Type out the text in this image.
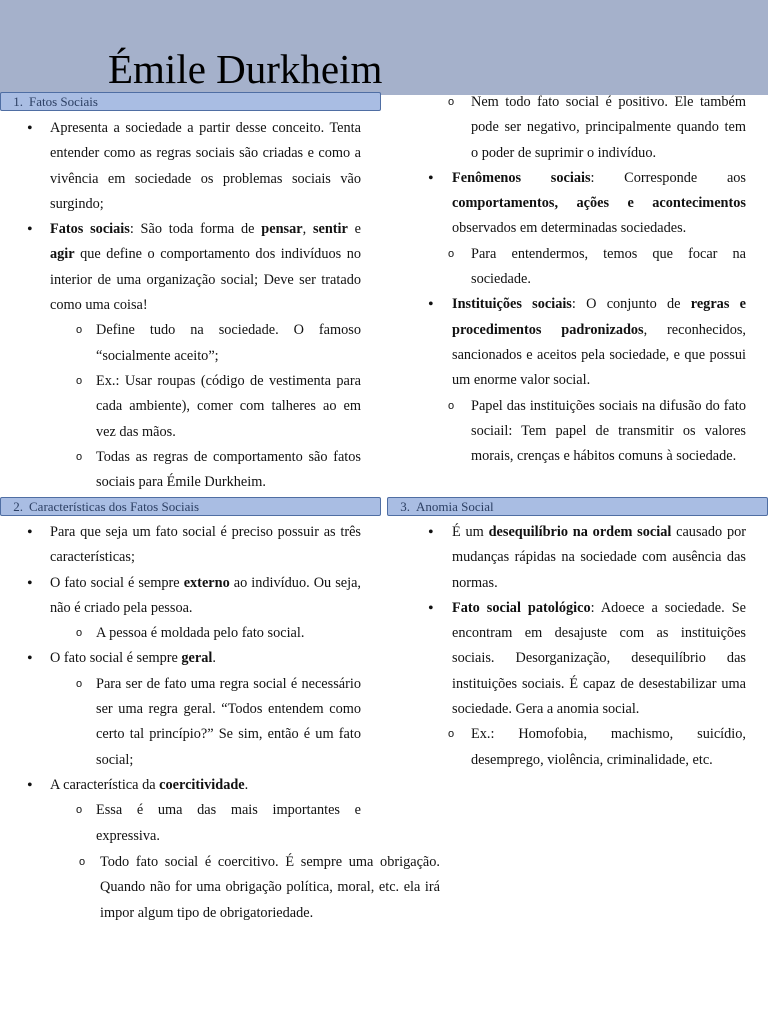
Émile Durkheim
1. Fatos Sociais
• Apresenta a sociedade a partir desse conceito. Tenta entender como as regras sociais são criadas e como a vivência em sociedade os problemas sociais vão surgindo;
• Fatos sociais: São toda forma de pensar, sentir e agir que define o comportamento dos indivíduos no interior de uma organização social; Deve ser tratado como uma coisa!
o Define tudo na sociedade. O famoso “socialmente aceito”;
o Ex.: Usar roupas (código de vestimenta para cada ambiente), comer com talheres ao em vez das mãos.
o Todas as regras de comportamento são fatos sociais para Émile Durkheim.
o Nem todo fato social é positivo. Ele também pode ser negativo, principalmente quando tem o poder de suprimir o indivíduo.
• Fenômenos sociais: Corresponde aos comportamentos, ações e acontecimentos observados em determinadas sociedades.
o Para entendermos, temos que focar na sociedade.
• Instituições sociais: O conjunto de regras e procedimentos padronizados, reconhecidos, sancionados e aceitos pela sociedade, e que possui um enorme valor social.
o Papel das instituições sociais na difusão do fato sociail: Tem papel de transmitir os valores morais, crenças e hábitos comuns à sociedade.
2. Características dos Fatos Sociais	3. Anomia Social
• Para que seja um fato social é preciso possuir as três características;
• O fato social é sempre externo ao indivíduo. Ou seja, não é criado pela pessoa.
o A pessoa é moldada pelo fato social.
• O fato social é sempre geral.
o Para ser de fato uma regra social é necessário ser uma regra geral. “Todos entendem como certo tal princípio?” Se sim, então é um fato social;
• A característica da coercitividade.
o Essa é uma das mais importantes e expressiva.
o Todo fato social é coercitivo. É sempre uma obrigação. Quando não for uma obrigação política, moral, etc. ela irá impor algum tipo de obrigatoriedade.
• É um desequilíbrio na ordem social causado por mudanças rápidas na sociedade com ausência das normas.
• Fato social patológico: Adoece a sociedade. Se encontram em desajuste com as instituições sociais. Desorganização, desequilíbrio das instituições sociais. É capaz de desestabilizar uma sociedade. Gera a anomia social.
o Ex.: Homofobia, machismo, suicídio, desemprego, violência, criminalidade, etc.
